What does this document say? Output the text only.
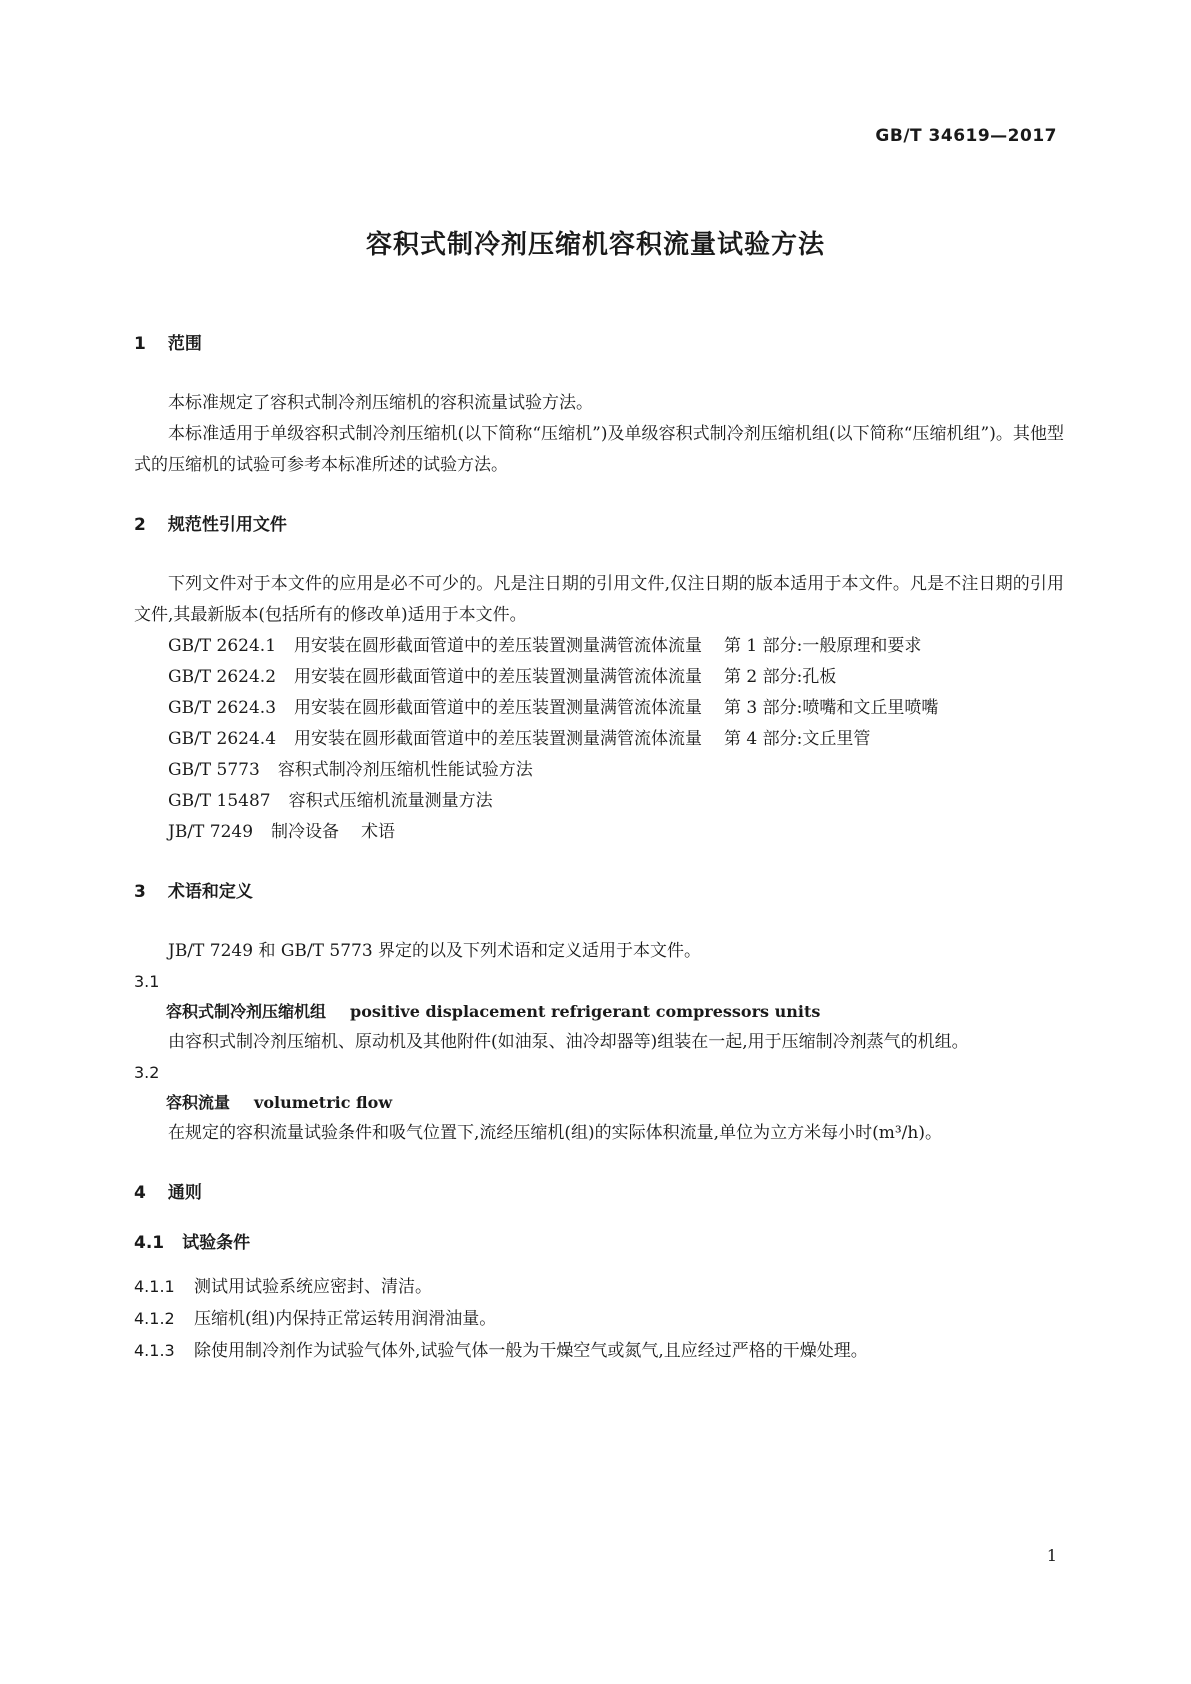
GB/T 34619—2017

容积式制冷剂压缩机容积流量试验方法
1 范围

本标准规定了容积式制冷剂压缩机的容积流量试验方法。

本标准适用于单级容积式制冷剂压缩机(以下简称“压缩机”)及单级容积式制冷剂压缩机组(以下简称“压缩机组”)。其他型式的压缩机的试验可参考本标准所述的试验方法。

2 规范性引用文件

下列文件对于本文件的应用是必不可少的。凡是注日期的引用文件,仅注日期的版本适用于本文件。凡是不注日期的引用文件,其最新版本(包括所有的修改单)适用于本文件。

GB/T 2624.1 用安装在圆形截面管道中的差压装置测量满管流体流量 第 1 部分:一般原理和要求

GB/T 2624.2 用安装在圆形截面管道中的差压装置测量满管流体流量 第 2 部分:孔板

GB/T 2624.3 用安装在圆形截面管道中的差压装置测量满管流体流量 第 3 部分:喷嘴和文丘里喷嘴

GB/T 2624.4 用安装在圆形截面管道中的差压装置测量满管流体流量 第 4 部分:文丘里管

GB/T 5773 容积式制冷剂压缩机性能试验方法

GB/T 15487 容积式压缩机流量测量方法

JB/T 7249 制冷设备 术语

3 术语和定义

JB/T 7249 和 GB/T 5773 界定的以及下列术语和定义适用于本文件。

3.1

容积式制冷剂压缩机组 positive displacement refrigerant compressors units

由容积式制冷剂压缩机、原动机及其他附件(如油泵、油冷却器等)组装在一起,用于压缩制冷剂蒸气的机组。

3.2

容积流量 volumetric flow

在规定的容积流量试验条件和吸气位置下,流经压缩机(组)的实际体积流量,单位为立方米每小时(m³/h)。

4 通则
4.1 试验条件

4.1.1	测试用试验系统应密封、清洁。

4.1.2	压缩机(组)内保持正常运转用润滑油量。

4.1.3	除使用制冷剂作为试验气体外,试验气体一般为干燥空气或氮气,且应经过严格的干燥处理。

1
